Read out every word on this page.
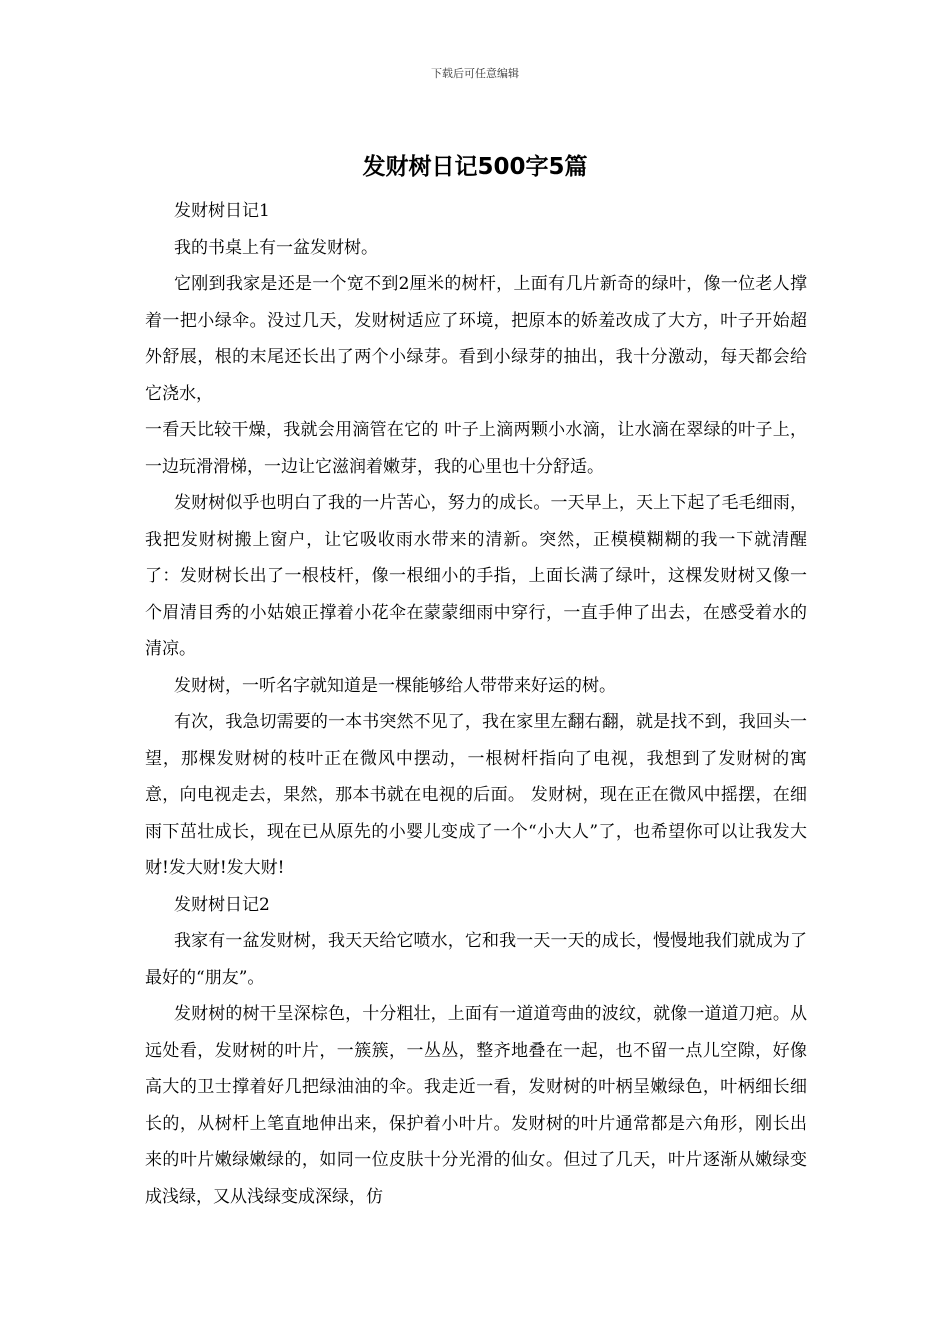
下载后可任意编辑
发财树日记500字5篇

发财树日记1

我的书桌上有一盆发财树。

它刚到我家是还是一个宽不到2厘米的树杆，上面有几片新奇的绿叶，像一位老人撑着一把小绿伞。没过几天，发财树适应了环境，把原本的娇羞改成了大方，叶子开始超外舒展，根的末尾还长出了两个小绿芽。看到小绿芽的抽出，我十分激动，每天都会给它浇水，

一看天比较干燥，我就会用滴管在它的 叶子上滴两颗小水滴，让水滴在翠绿的叶子上，一边玩滑滑梯，一边让它滋润着嫩芽，我的心里也十分舒适。

发财树似乎也明白了我的一片苦心，努力的成长。一天早上，天上下起了毛毛细雨，我把发财树搬上窗户，让它吸收雨水带来的清新。突然，正模模糊糊的我一下就清醒了：发财树长出了一根枝杆，像一根细小的手指，上面长满了绿叶，这棵发财树又像一个眉清目秀的小姑娘正撑着小花伞在蒙蒙细雨中穿行，一直手伸了出去，在感受着水的清凉。

发财树，一听名字就知道是一棵能够给人带带来好运的树。

有次，我急切需要的一本书突然不见了，我在家里左翻右翻，就是找不到，我回头一望，那棵发财树的枝叶正在微风中摆动，一根树杆指向了电视，我想到了发财树的寓意，向电视走去，果然，那本书就在电视的后面。 发财树，现在正在微风中摇摆，在细雨下茁壮成长，现在已从原先的小婴儿变成了一个“小大人”了，也希望你可以让我发大财!发大财!发大财!

发财树日记2

我家有一盆发财树，我天天给它喷水，它和我一天一天的成长，慢慢地我们就成为了最好的“朋友”。

发财树的树干呈深棕色，十分粗壮，上面有一道道弯曲的波纹，就像一道道刀疤。从远处看，发财树的叶片，一簇簇，一丛丛，整齐地叠在一起，也不留一点儿空隙，好像高大的卫士撑着好几把绿油油的伞。我走近一看，发财树的叶柄呈嫩绿色，叶柄细长细长的，从树杆上笔直地伸出来，保护着小叶片。发财树的叶片通常都是六角形，刚长出来的叶片嫩绿嫩绿的，如同一位皮肤十分光滑的仙女。但过了几天，叶片逐渐从嫩绿变成浅绿，又从浅绿变成深绿，仿
